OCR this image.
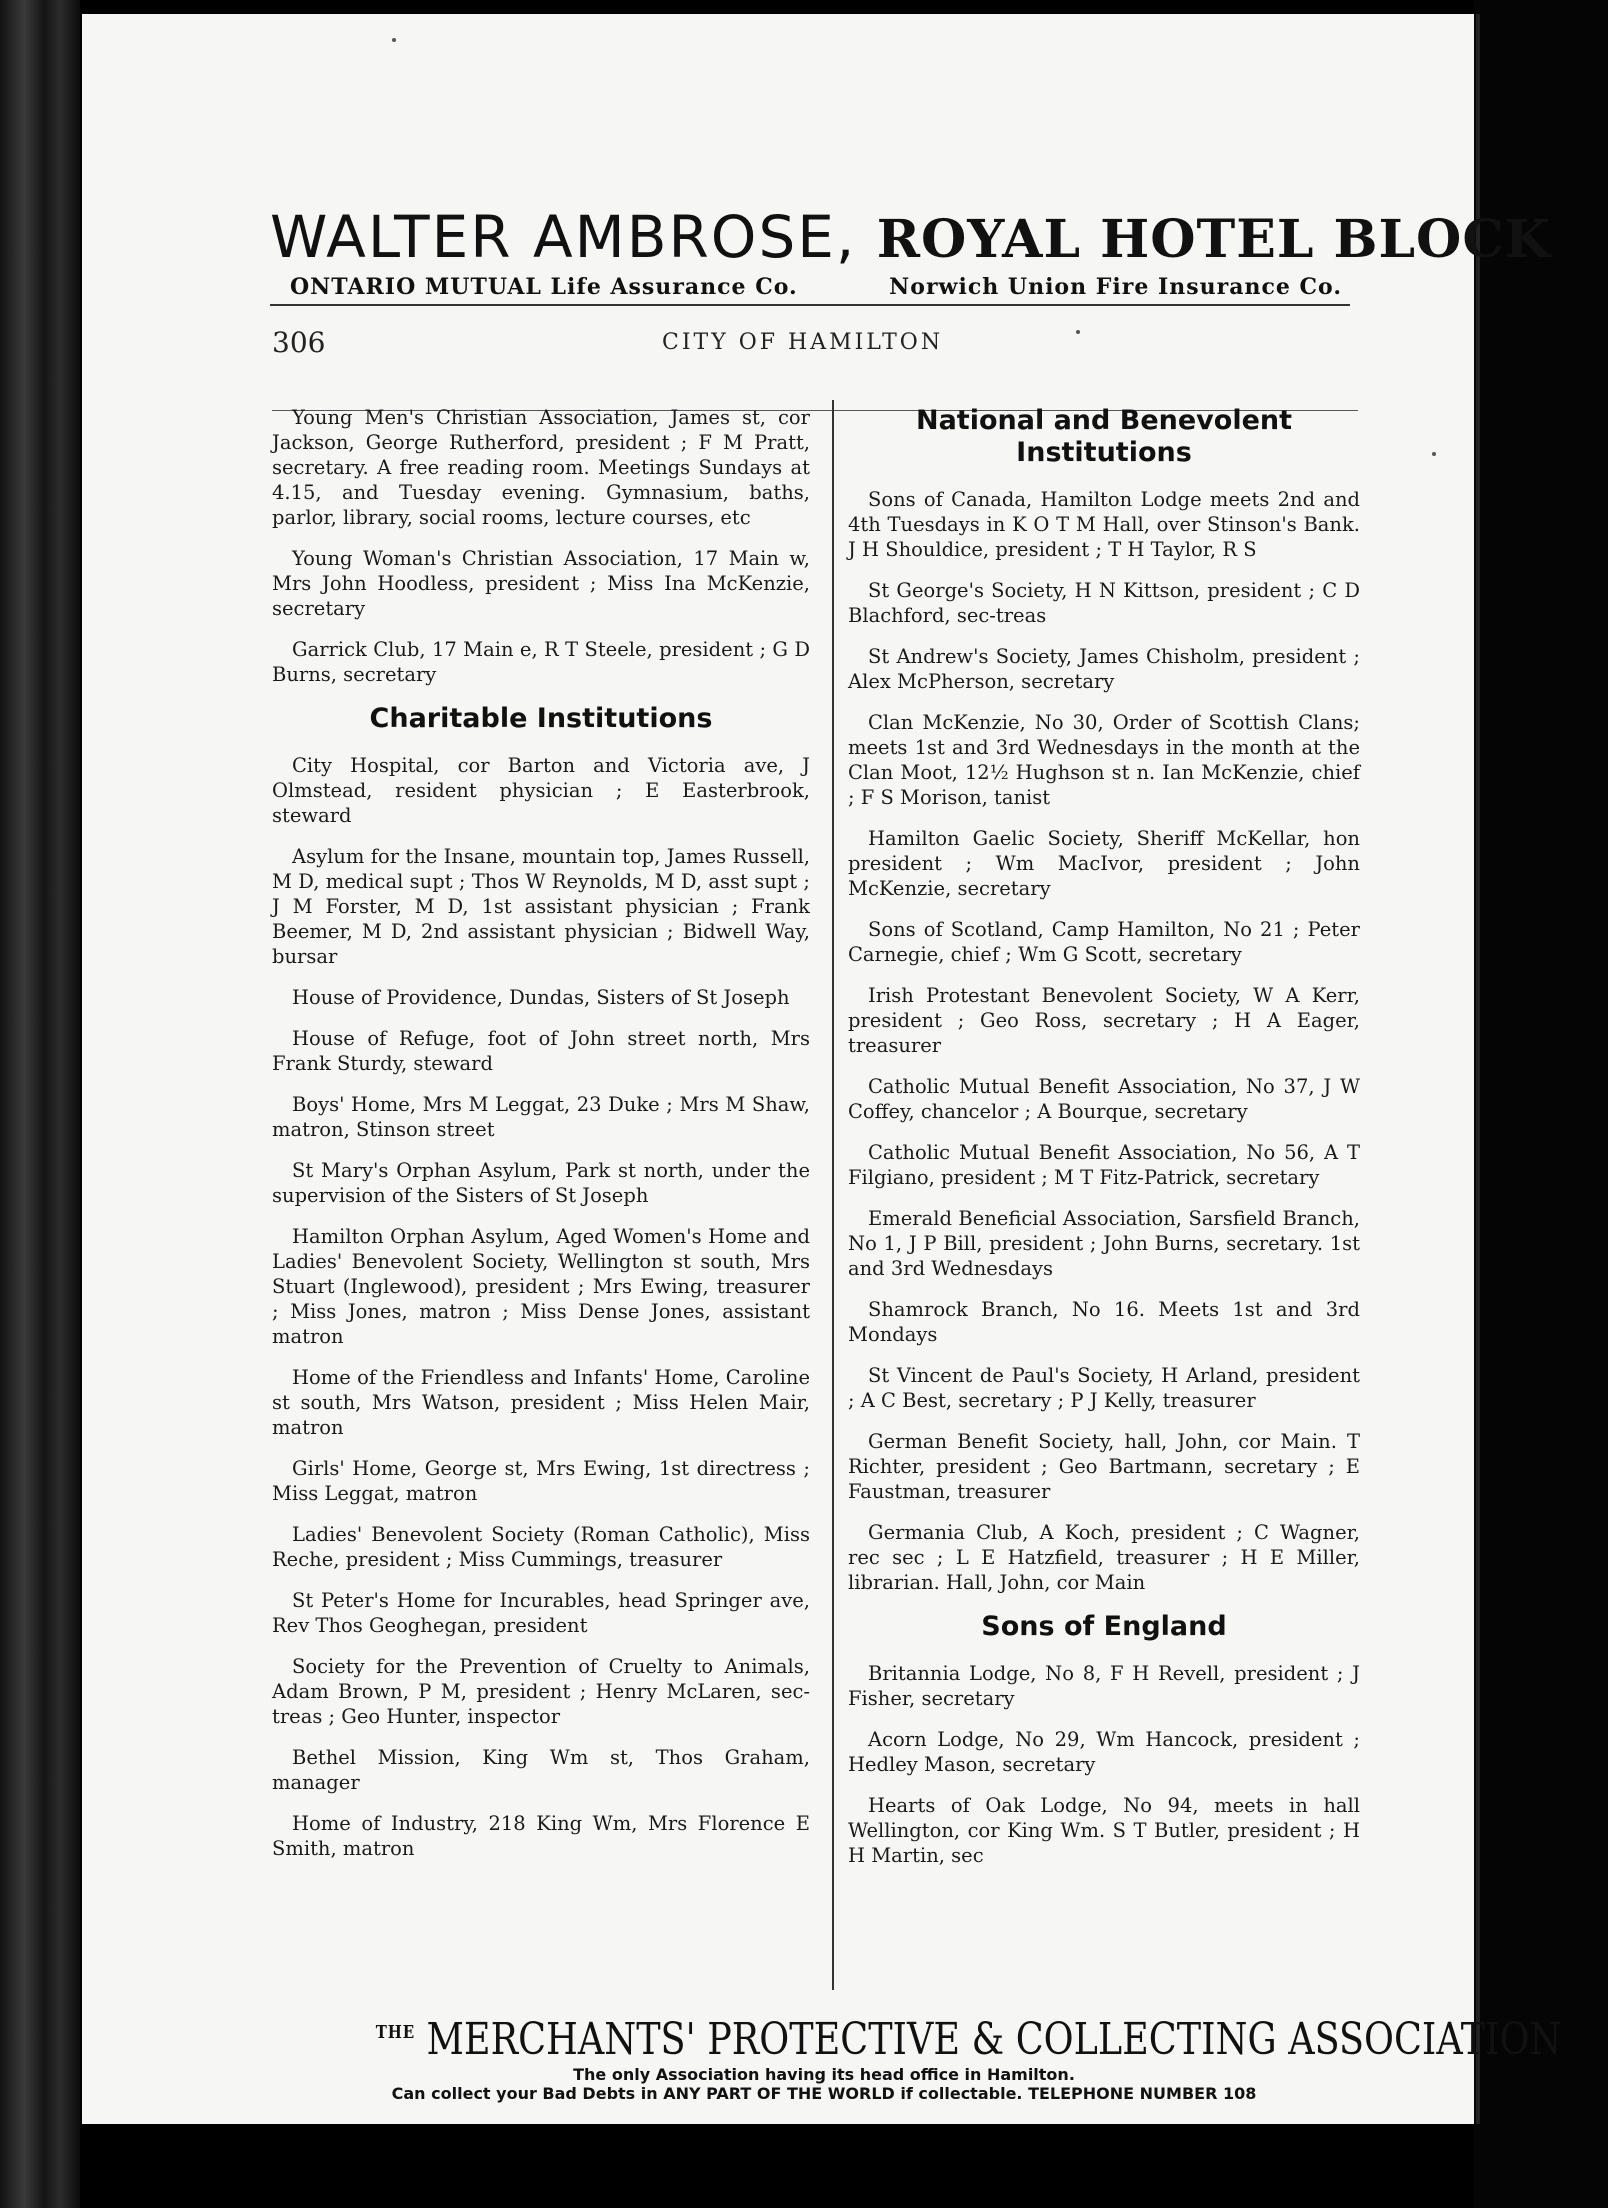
WALTER AMBROSE, ROYAL HOTEL BLOCK
ONTARIO MUTUAL Life Assurance Co.	Norwich Union Fire Insurance Co.
306	CITY OF HAMILTON

Young Men's Christian Association, James st, cor Jackson, George Rutherford, president ; F M Pratt, secretary. A free reading room. Meetings Sundays at 4.15, and Tuesday evening. Gymnasium, baths, parlor, library, social rooms, lecture courses, etc

Young Woman's Christian Association, 17 Main w, Mrs John Hoodless, president ; Miss Ina McKenzie, secretary

Garrick Club, 17 Main e, R T Steele, president ; G D Burns, secretary

Charitable Institutions

City Hospital, cor Barton and Victoria ave, J Olmstead, resident physician ; E Easterbrook, steward

Asylum for the Insane, mountain top, James Russell, M D, medical supt ; Thos W Reynolds, M D, asst supt ; J M Forster, M D, 1st assistant physician ; Frank Beemer, M D, 2nd assistant physician ; Bidwell Way, bursar

House of Providence, Dundas, Sisters of St Joseph

House of Refuge, foot of John street north, Mrs Frank Sturdy, steward

Boys' Home, Mrs M Leggat, 23 Duke ; Mrs M Shaw, matron, Stinson street

St Mary's Orphan Asylum, Park st north, under the supervision of the Sisters of St Joseph

Hamilton Orphan Asylum, Aged Women's Home and Ladies' Benevolent Society, Wellington st south, Mrs Stuart (Inglewood), president ; Mrs Ewing, treasurer ; Miss Jones, matron ; Miss Dense Jones, assistant matron

Home of the Friendless and Infants' Home, Caroline st south, Mrs Watson, president ; Miss Helen Mair, matron

Girls' Home, George st, Mrs Ewing, 1st directress ; Miss Leggat, matron

Ladies' Benevolent Society (Roman Catholic), Miss Reche, president ; Miss Cummings, treasurer

St Peter's Home for Incurables, head Springer ave, Rev Thos Geoghegan, president

Society for the Prevention of Cruelty to Animals, Adam Brown, P M, president ; Henry McLaren, sec-treas ; Geo Hunter, inspector

Bethel Mission, King Wm st, Thos Graham, manager

Home of Industry, 218 King Wm, Mrs Florence E Smith, matron

National and Benevolent Institutions

Sons of Canada, Hamilton Lodge meets 2nd and 4th Tuesdays in K O T M Hall, over Stinson's Bank. J H Shouldice, president ; T H Taylor, R S

St George's Society, H N Kittson, president ; C D Blachford, sec-treas

St Andrew's Society, James Chisholm, president ; Alex McPherson, secretary

Clan McKenzie, No 30, Order of Scottish Clans; meets 1st and 3rd Wednesdays in the month at the Clan Moot, 12½ Hughson st n. Ian McKenzie, chief ; F S Morison, tanist

Hamilton Gaelic Society, Sheriff McKellar, hon president ; Wm MacIvor, president ; John McKenzie, secretary

Sons of Scotland, Camp Hamilton, No 21 ; Peter Carnegie, chief ; Wm G Scott, secretary

Irish Protestant Benevolent Society, W A Kerr, president ; Geo Ross, secretary ; H A Eager, treasurer

Catholic Mutual Benefit Association, No 37, J W Coffey, chancelor ; A Bourque, secretary

Catholic Mutual Benefit Association, No 56, A T Filgiano, president ; M T Fitz-Patrick, secretary

Emerald Beneficial Association, Sarsfield Branch, No 1, J P Bill, president ; John Burns, secretary. 1st and 3rd Wednesdays

Shamrock Branch, No 16. Meets 1st and 3rd Mondays

St Vincent de Paul's Society, H Arland, president ; A C Best, secretary ; P J Kelly, treasurer

German Benefit Society, hall, John, cor Main. T Richter, president ; Geo Bartmann, secretary ; E Faustman, treasurer

Germania Club, A Koch, president ; C Wagner, rec sec ; L E Hatzfield, treasurer ; H E Miller, librarian. Hall, John, cor Main

Sons of England

Britannia Lodge, No 8, F H Revell, president ; J Fisher, secretary

Acorn Lodge, No 29, Wm Hancock, president ; Hedley Mason, secretary

Hearts of Oak Lodge, No 94, meets in hall Wellington, cor King Wm. S T Butler, president ; H H Martin, sec

$^{THE}$ MERCHANTS' PROTECTIVE & COLLECTING ASSOCIATION
The only Association having its head office in Hamilton.
Can collect your Bad Debts in ANY PART OF THE WORLD if collectable. TELEPHONE NUMBER 108
